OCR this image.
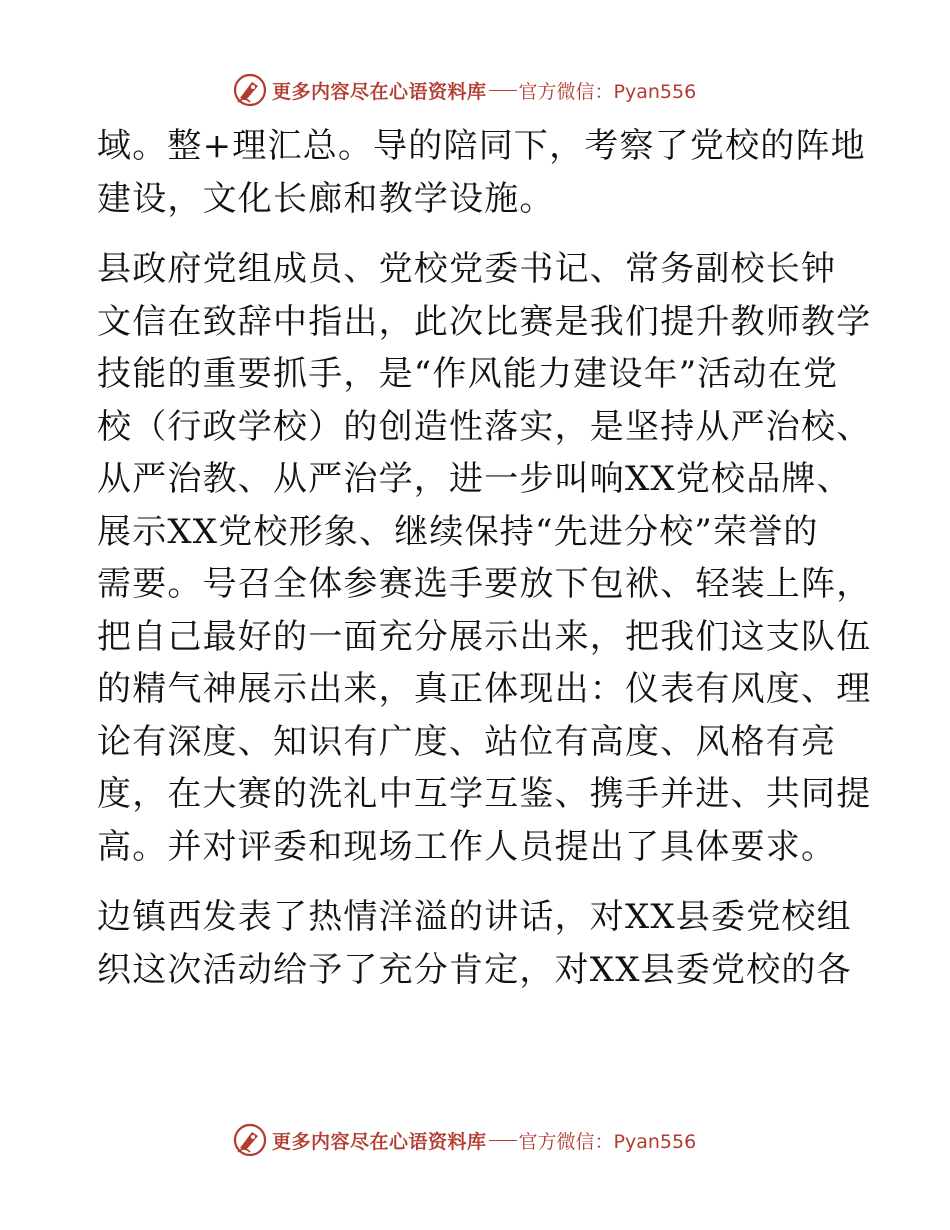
更多内容尽在心语资料库 官方微信：Pyan556

域。整+理汇总。导的陪同下，考察了党校的阵地
建设，文化长廊和教学设施。

县政府党组成员、党校党委书记、常务副校长钟
文信在致辞中指出，此次比赛是我们提升教师教学
技能的重要抓手，是“作风能力建设年”活动在党
校（行政学校）的创造性落实，是坚持从严治校、
从严治教、从严治学，进一步叫响XX党校品牌、
展示XX党校形象、继续保持“先进分校”荣誉的
需要。号召全体参赛选手要放下包袱、轻装上阵，
把自己最好的一面充分展示出来，把我们这支队伍
的精气神展示出来，真正体现出：仪表有风度、理
论有深度、知识有广度、站位有高度、风格有亮
度，在大赛的洗礼中互学互鉴、携手并进、共同提
高。并对评委和现场工作人员提出了具体要求。

边镇西发表了热情洋溢的讲话，对XX县委党校组
织这次活动给予了充分肯定，对XX县委党校的各

更多内容尽在心语资料库 官方微信：Pyan556
